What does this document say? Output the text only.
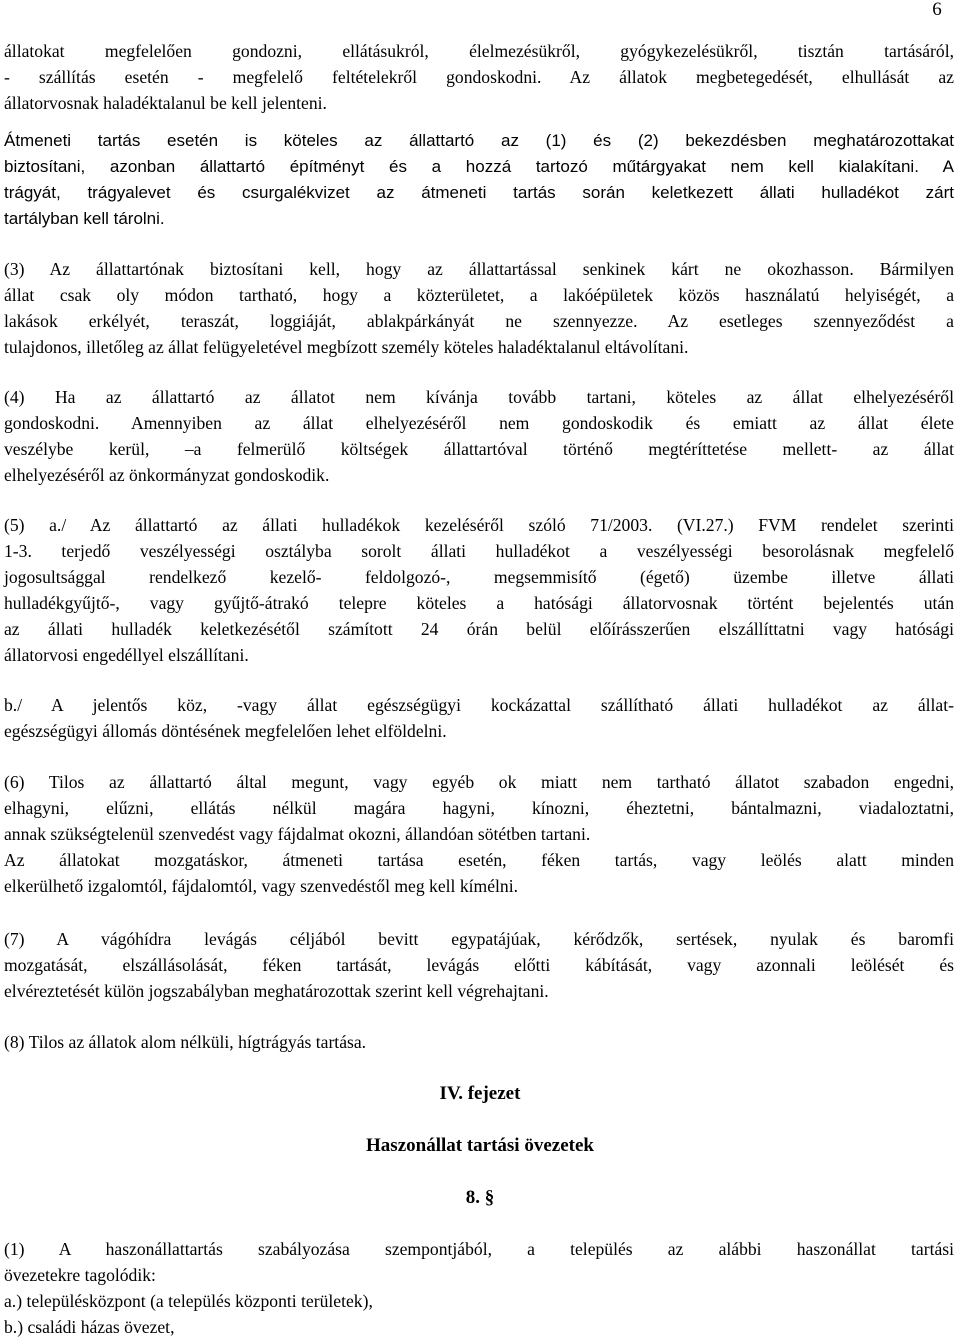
6
állatokat megfelelően gondozni, ellátásukról, élelmezésükről, gyógykezelésükről, tisztán tartásáról,
- szállítás esetén - megfelelő feltételekről gondoskodni. Az állatok megbetegedését, elhullását az
állatorvosnak haladéktalanul be kell jelenteni.
Átmeneti tartás esetén is köteles az állattartó az (1) és (2) bekezdésben meghatározottakat
biztosítani, azonban állattartó építményt és a hozzá tartozó műtárgyakat nem kell kialakítani. A
trágyát, trágyalevet és csurgalékvizet az átmeneti tartás során keletkezett állati hulladékot zárt
tartályban kell tárolni.
(3) Az állattartónak biztosítani kell, hogy az állattartással senkinek kárt ne okozhasson. Bármilyen
állat csak oly módon tartható, hogy a közterületet, a lakóépületek közös használatú helyiségét, a
lakások erkélyét, teraszát, loggiáját, ablakpárkányát ne szennyezze. Az esetleges szennyeződést a
tulajdonos, illetőleg az állat felügyeletével megbízott személy köteles haladéktalanul eltávolítani.
(4) Ha az állattartó az állatot nem kívánja tovább tartani, köteles az állat elhelyezéséről
gondoskodni. Amennyiben az állat elhelyezéséről nem gondoskodik és emiatt az állat élete
veszélybe kerül, –a felmerülő költségek állattartóval történő megtéríttetése mellett- az állat
elhelyezéséről az önkormányzat gondoskodik.
(5) a./ Az állattartó az állati hulladékok kezeléséről szóló 71/2003. (VI.27.) FVM rendelet szerinti
1-3. terjedő veszélyességi osztályba sorolt állati hulladékot a veszélyességi besorolásnak megfelelő
jogosultsággal rendelkező kezelő- feldolgozó-, megsemmisítő (égető) üzembe illetve állati
hulladékgyűjtő-, vagy gyűjtő-átrakó telepre köteles a hatósági állatorvosnak történt bejelentés után
az állati hulladék keletkezésétől számított 24 órán belül előírásszerűen elszállíttatni vagy hatósági
állatorvosi engedéllyel elszállítani.
b./ A jelentős köz, -vagy állat egészségügyi kockázattal szállítható állati hulladékot az állat-
egészségügyi állomás döntésének megfelelően lehet elföldelni.
(6) Tilos az állattartó által megunt, vagy egyéb ok miatt nem tartható állatot szabadon engedni,
elhagyni, elűzni, ellátás nélkül magára hagyni, kínozni, éheztetni, bántalmazni, viadaloztatni,
annak szükségtelenül szenvedést vagy fájdalmat okozni, állandóan sötétben tartani.
Az állatokat mozgatáskor, átmeneti tartása esetén, féken tartás, vagy leölés alatt minden
elkerülhető izgalomtól, fájdalomtól, vagy szenvedéstől meg kell kímélni.
(7) A vágóhídra levágás céljából bevitt egypatájúak, kérődzők, sertések, nyulak és baromfi
mozgatását, elszállásolását, féken tartását, levágás előtti kábítását, vagy azonnali leölését és
elvéreztetését külön jogszabályban meghatározottak szerint kell végrehajtani.
(8) Tilos az állatok alom nélküli, hígtrágyás tartása.
(1) A haszonállattartás szabályozása szempontjából, a település az alábbi haszonállat tartási
övezetekre tagolódik:
a.) településközpont (a település központi területek),
b.) családi házas övezet,
IV. fejezet
Haszonállat tartási övezetek
8. §
